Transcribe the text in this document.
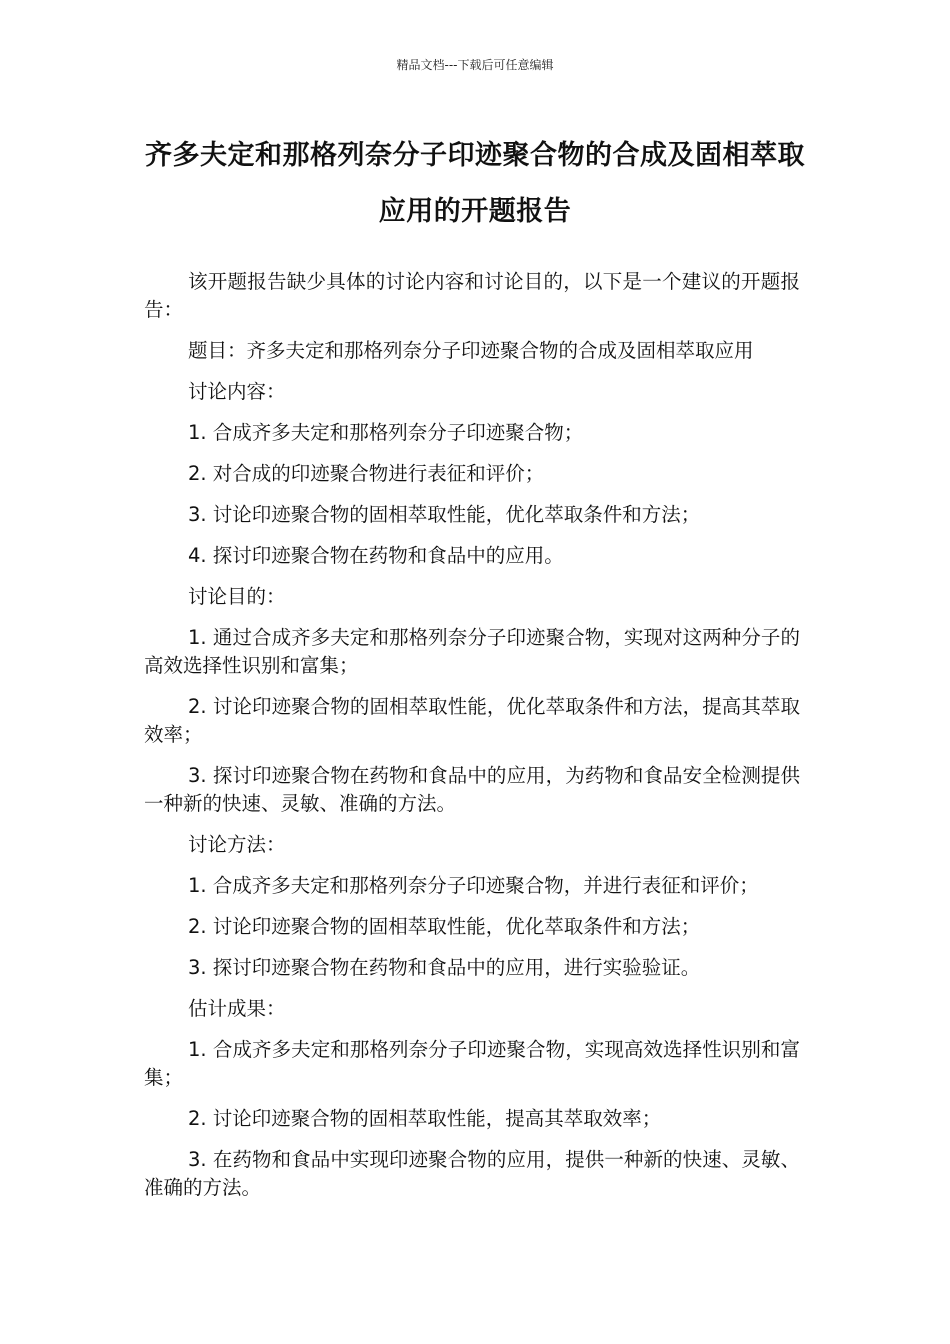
精品文档---下载后可任意编辑
齐多夫定和那格列奈分子印迹聚合物的合成及固相萃取应用的开题报告

该开题报告缺少具体的讨论内容和讨论目的，以下是一个建议的开题报告：

题目：齐多夫定和那格列奈分子印迹聚合物的合成及固相萃取应用

讨论内容：

1. 合成齐多夫定和那格列奈分子印迹聚合物；

2. 对合成的印迹聚合物进行表征和评价；

3. 讨论印迹聚合物的固相萃取性能，优化萃取条件和方法；

4. 探讨印迹聚合物在药物和食品中的应用。

讨论目的：

1. 通过合成齐多夫定和那格列奈分子印迹聚合物，实现对这两种分子的高效选择性识别和富集；

2. 讨论印迹聚合物的固相萃取性能，优化萃取条件和方法，提高其萃取效率；

3. 探讨印迹聚合物在药物和食品中的应用，为药物和食品安全检测提供一种新的快速、灵敏、准确的方法。

讨论方法：

1. 合成齐多夫定和那格列奈分子印迹聚合物，并进行表征和评价；

2. 讨论印迹聚合物的固相萃取性能，优化萃取条件和方法；

3. 探讨印迹聚合物在药物和食品中的应用，进行实验验证。

估计成果：

1. 合成齐多夫定和那格列奈分子印迹聚合物，实现高效选择性识别和富集；

2. 讨论印迹聚合物的固相萃取性能，提高其萃取效率；

3. 在药物和食品中实现印迹聚合物的应用，提供一种新的快速、灵敏、准确的方法。
